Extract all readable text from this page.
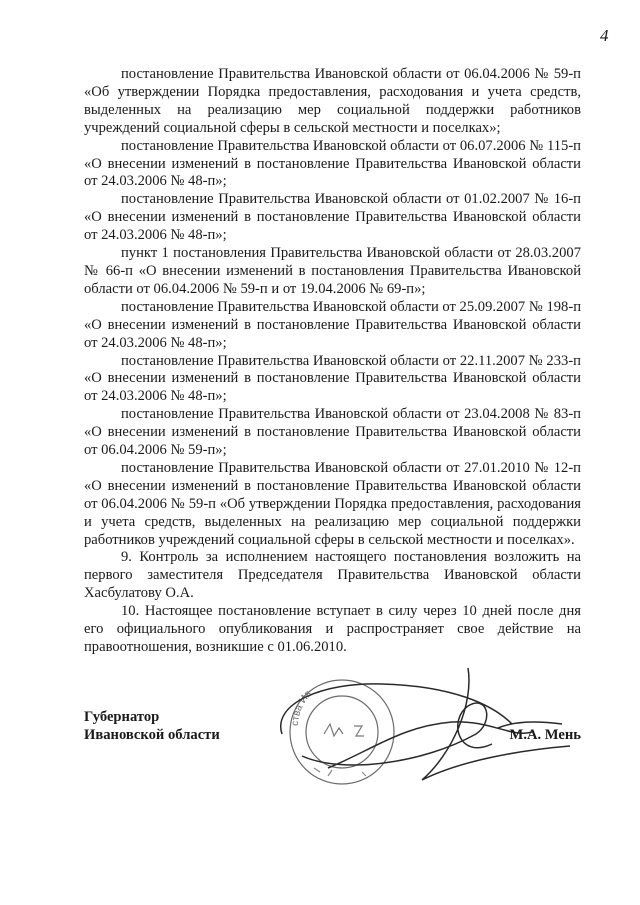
4

постановление Правительства Ивановской области от 06.04.2006 № 59-п «Об утверждении Порядка предоставления, расходования и учета средств, выделенных на реализацию мер социальной поддержки работников учреждений социальной сферы в сельской местности и поселках»;

постановление Правительства Ивановской области от 06.07.2006 № 115-п «О внесении изменений в постановление Правительства Ивановской области от 24.03.2006 № 48-п»;

постановление Правительства Ивановской области от 01.02.2007 № 16-п «О внесении изменений в постановление Правительства Ивановской области от 24.03.2006 № 48-п»;

пункт 1 постановления Правительства Ивановской области от 28.03.2007 № 66-п «О внесении изменений в постановления Правительства Ивановской области от 06.04.2006 № 59-п и от 19.04.2006 № 69-п»;

постановление Правительства Ивановской области от 25.09.2007 № 198-п «О внесении изменений в постановление Правительства Ивановской области от 24.03.2006 № 48-п»;

постановление Правительства Ивановской области от 22.11.2007 № 233-п «О внесении изменений в постановление Правительства Ивановской области от 24.03.2006 № 48-п»;

постановление Правительства Ивановской области от 23.04.2008 № 83-п «О внесении изменений в постановление Правительства Ивановской области от 06.04.2006 № 59-п»;

постановление Правительства Ивановской области от 27.01.2010 № 12-п «О внесении изменений в постановление Правительства Ивановской области от 06.04.2006 № 59-п «Об утверждении Порядка предоставления, расходования и учета средств, выделенных на реализацию мер социальной поддержки работников учреждений социальной сферы в сельской местности и поселках».

9. Контроль за исполнением настоящего постановления возложить на первого заместителя Председателя Правительства Ивановской области Хасбулатову О.А.

10. Настоящее постановление вступает в силу через 10 дней после дня его официального опубликования и распространяет свое действие на правоотношения, возникшие с 01.06.2010.

ства Ив
Губернатор
Ивановской области	М.А. Мень
